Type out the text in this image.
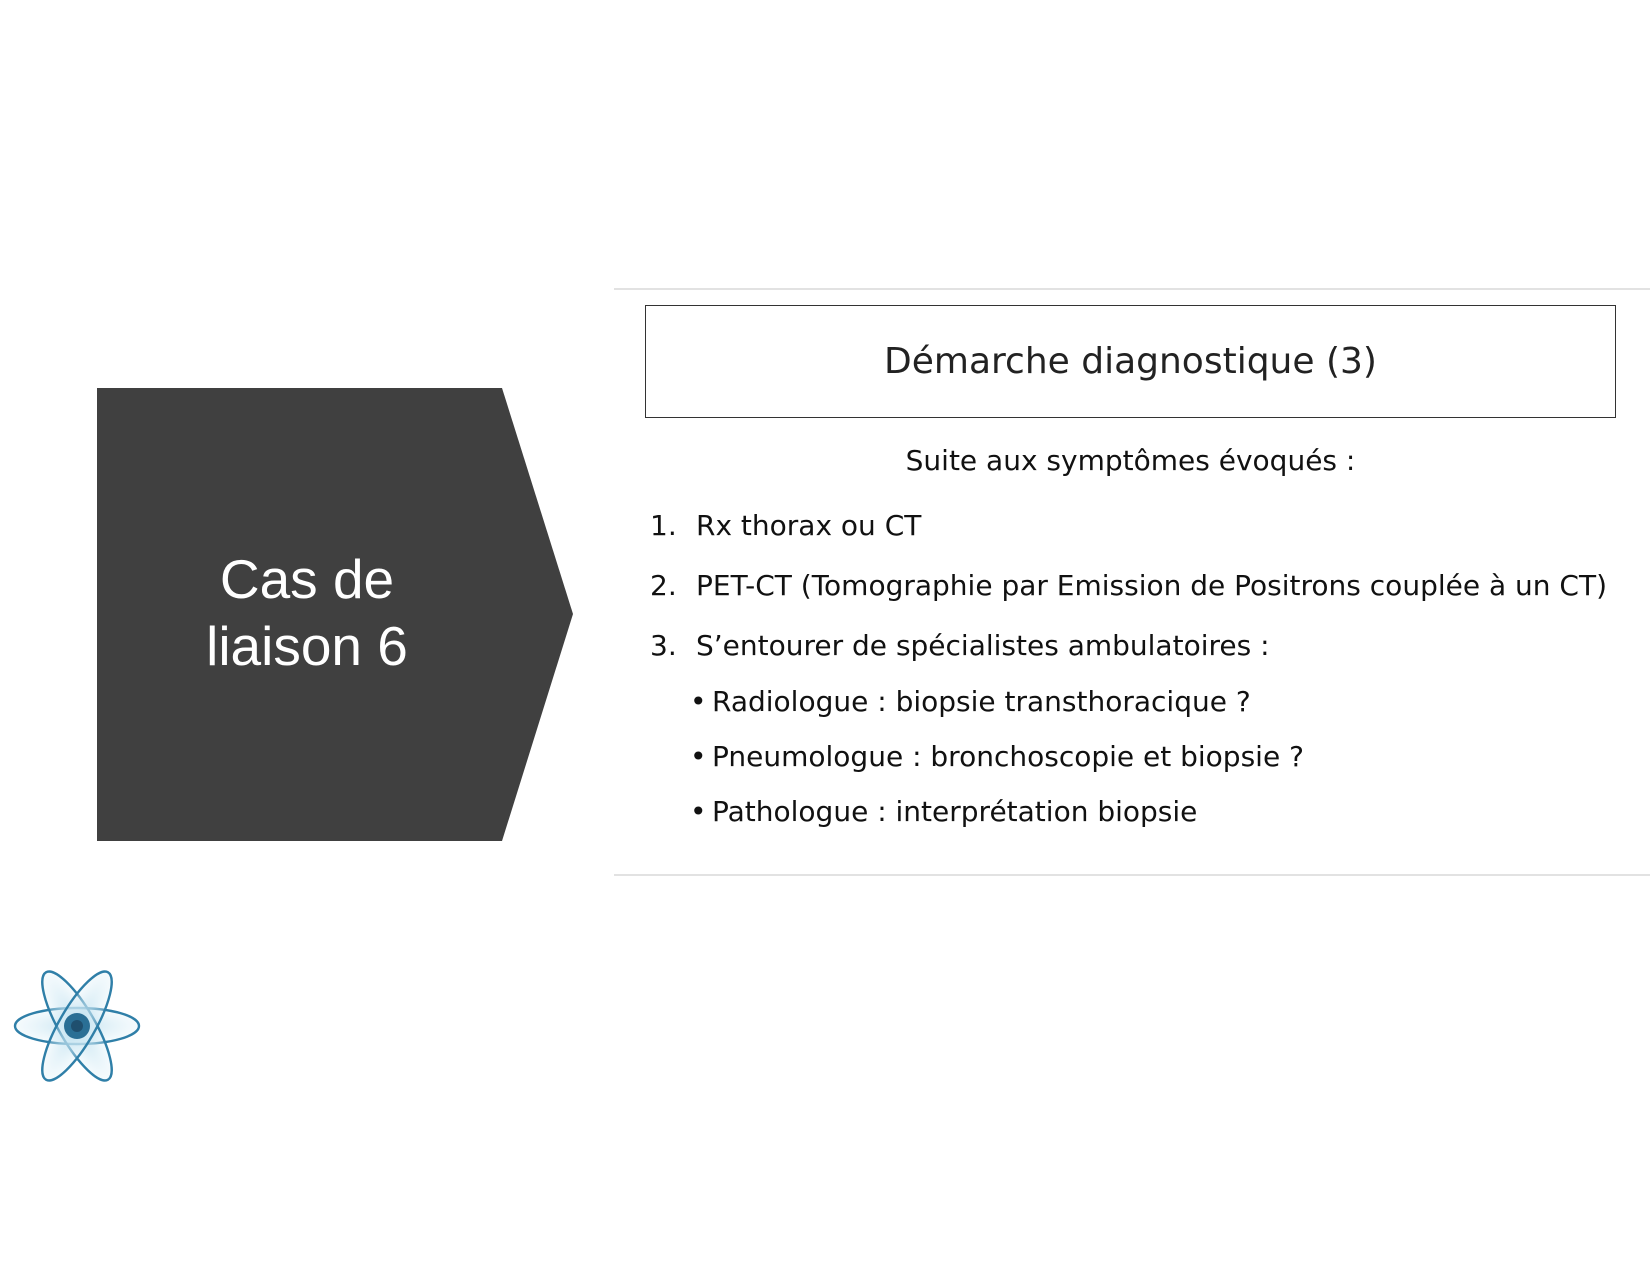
Cas de
liaison 6
Démarche diagnostique (3)
Suite aux symptômes évoqués :
1. Rx thorax ou CT
2. PET-CT (Tomographie par Emission de Positrons couplée à un CT)
3. S’entourer de spécialistes ambulatoires :
• Radiologue : biopsie transthoracique ?
• Pneumologue : bronchoscopie et biopsie ?
• Pathologue : interprétation biopsie
